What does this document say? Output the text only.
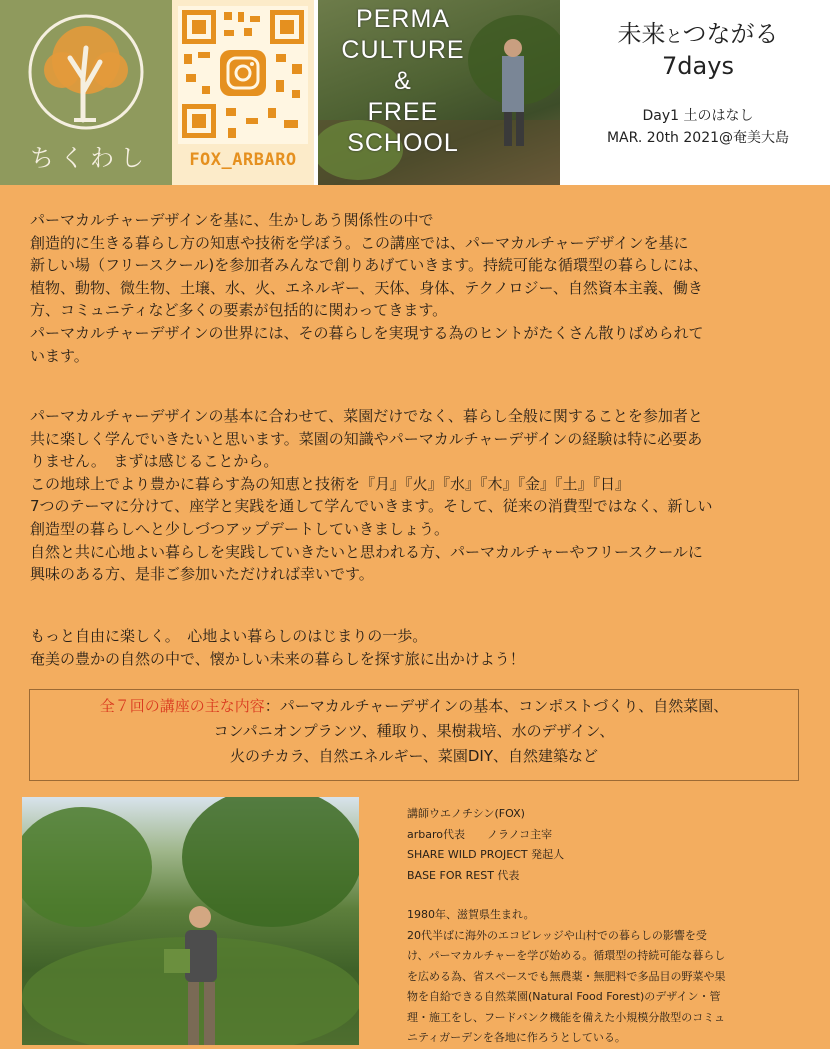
ちくわし	FOX_ARBARO
PERMA
CULTURE
&
FREE
SCHOOL
未来とつながる
7days
Day1 土のはなし
MAR. 20th 2021@奄美大島
パーマカルチャーデザインを基に、生かしあう関係性の中で
創造的に生きる暮らし方の知恵や技術を学ぼう。この講座では、パーマカルチャーデザインを基に
新しい場（フリースクール)を参加者みんなで創りあげていきます。持続可能な循環型の暮らしには、
植物、動物、微生物、土壌、水、火、エネルギー、天体、身体、テクノロジー、自然資本主義、働き
方、コミュニティなど多くの要素が包括的に関わってきます。
パーマカルチャーデザインの世界には、その暮らしを実現する為のヒントがたくさん散りばめられて
います。
パーマカルチャーデザインの基本に合わせて、菜園だけでなく、暮らし全般に関することを参加者と
共に楽しく学んでいきたいと思います。菜園の知識やパーマカルチャーデザインの経験は特に必要あ
りません。　まずは感じることから。
この地球上でより豊かに暮らす為の知恵と技術を『月』『火』『水』『木』『金』『土』『日』
7つのテーマに分けて、座学と実践を通して学んでいきます。そして、従来の消費型ではなく、新しい
創造型の暮らしへと少しづつアップデートしていきましょう。
自然と共に心地よい暮らしを実践していきたいと思われる方、パーマカルチャーやフリースクールに
興味のある方、是非ご参加いただければ幸いです。
もっと自由に楽しく。　心地よい暮らしのはじまりの一歩。
奄美の豊かの自然の中で、懐かしい未来の暮らしを探す旅に出かけよう！
全７回の講座の主な内容：パーマカルチャーデザインの基本、コンポストづくり、自然菜園、
コンパニオンプランツ、種取り、果樹栽培、水のデザイン、
火のチカラ、自然エネルギー、菜園DIY、自然建築など
講師ウエノチシン(FOX)
arbaro代表　　ノラノコ主宰
SHARE WILD PROJECT 発起人
BASE FOR REST 代表
1980年、滋賀県生まれ。
20代半ばに海外のエコビレッジや山村での暮らしの影響を受
け、パーマカルチャーを学び始める。循環型の持続可能な暮らし
を広める為、省スペースでも無農薬・無肥料で多品目の野菜や果
物を自給できる自然菜園(Natural Food Forest)のデザイン・管
理・施工をし、フードバンク機能を備えた小規模分散型のコミュ
ニティガーデンを各地に作ろうとしている。
